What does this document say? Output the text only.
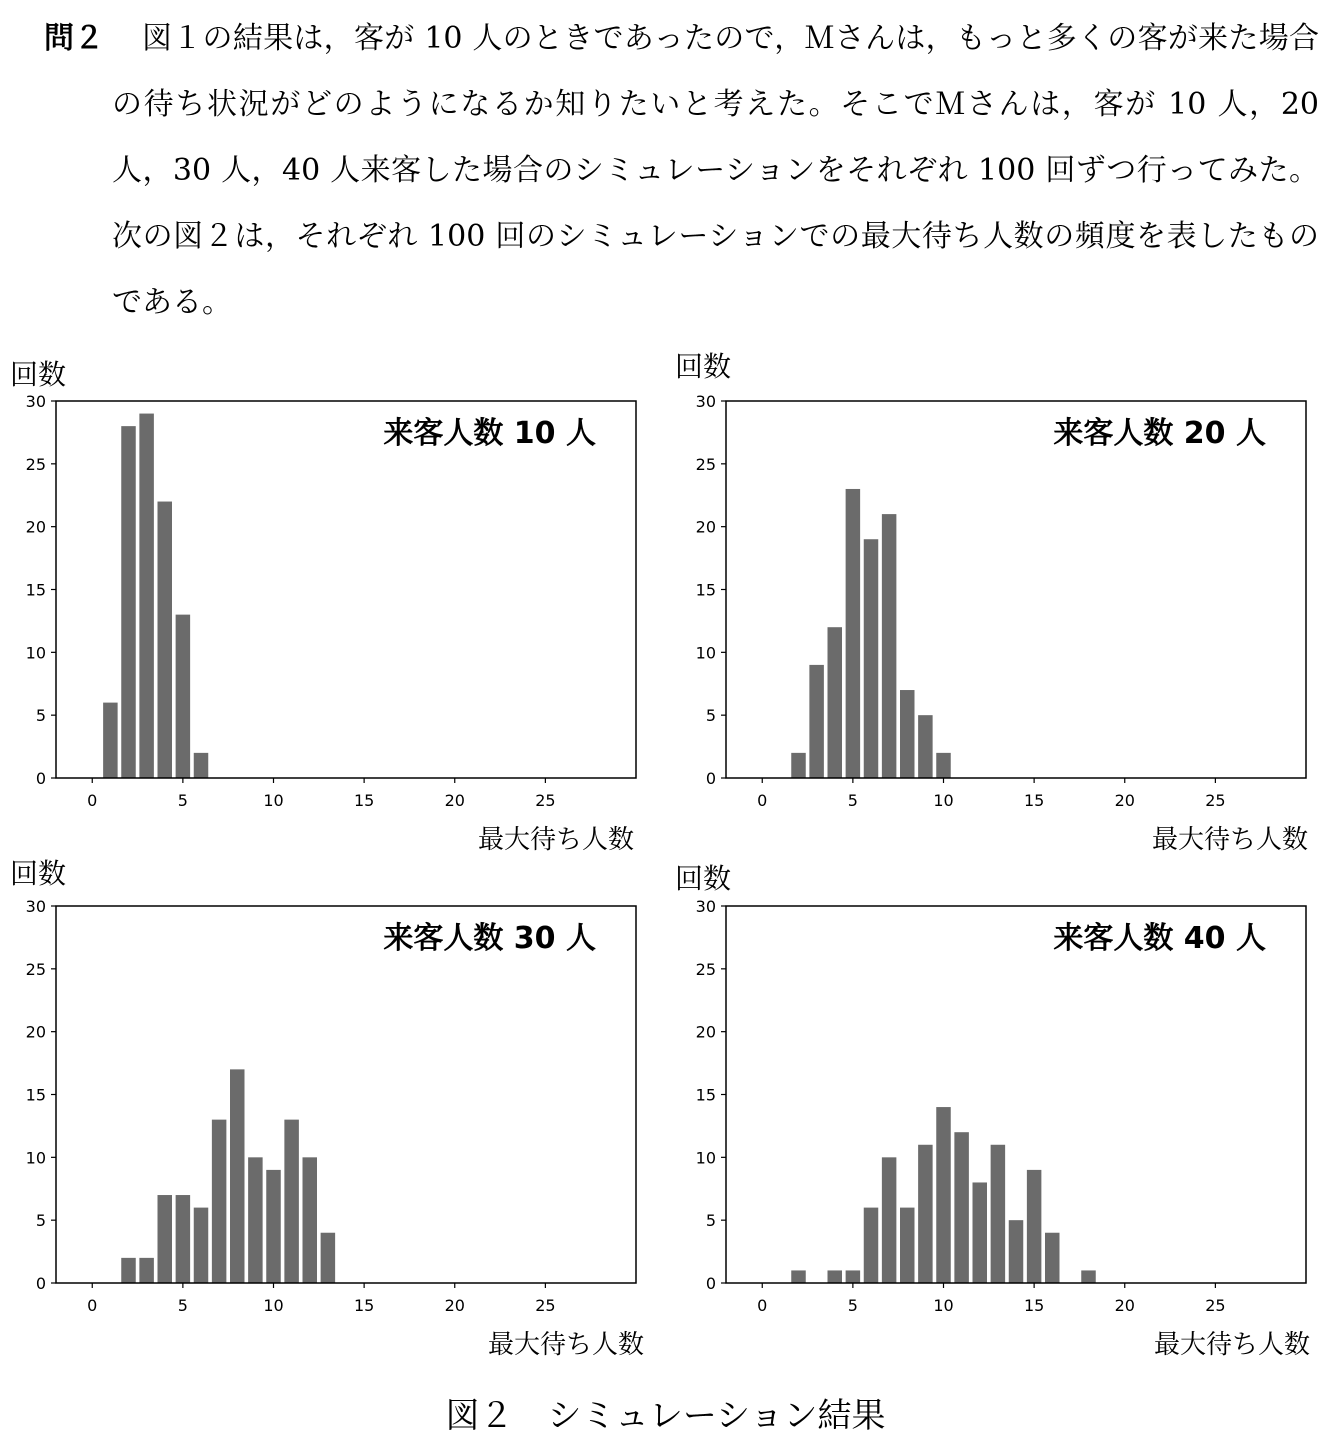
問２	図１の結果は，客が 10 人のときであったので，Ｍさんは，もっと多くの客が来た場合の待ち状況がどのようになるか知りたいと考えた。そこでＭさんは，客が 10 人，20 人，30 人，40 人来客した場合のシミュレーションをそれぞれ 100 回ずつ行ってみた。次の図２は，それぞれ 100 回のシミュレーションでの最大待ち人数の頻度を表したものである。
回数
0
5
10
15
20
25
30
0	5	10	15	20	25
来客人数 10 人
最大待ち人数
回数
0
5
10
15
20
25
30
0	5	10	15	20	25
来客人数 20 人
最大待ち人数
回数
0
5
10
15
20
25
30
0	5	10	15	20	25
来客人数 30 人
最大待ち人数
回数
0
5
10
15
20
25
30
0	5	10	15	20	25
来客人数 40 人
最大待ち人数
図２　シミュレーション結果
